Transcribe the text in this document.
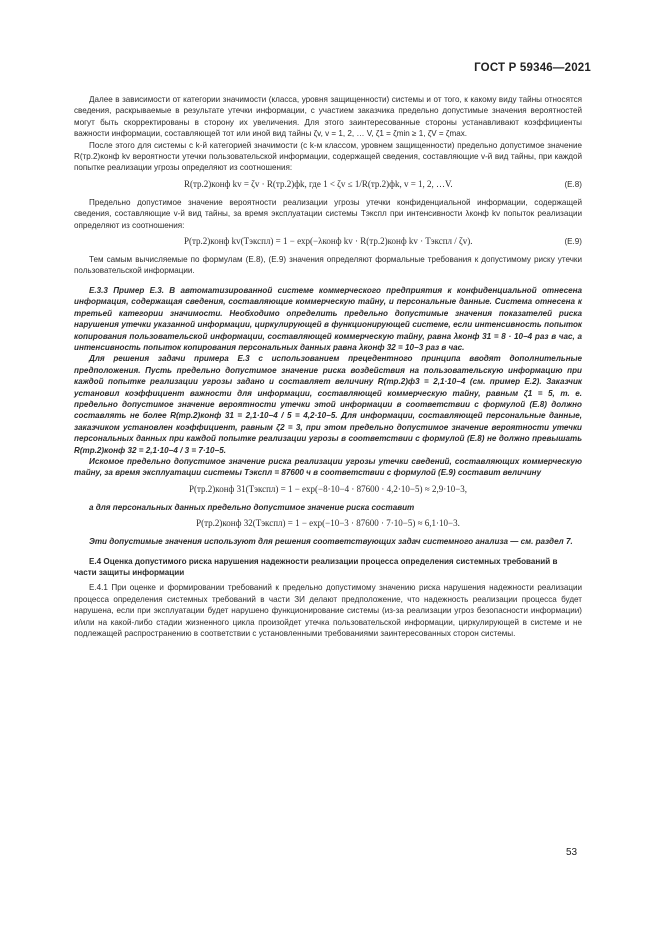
ГОСТ Р 59346—2021

Далее в зависимости от категории значимости (класса, уровня защищенности) системы и от того, к какому виду тайны относятся сведения, раскрываемые в результате утечки информации, с участием заказчика предельно допустимые значения вероятностей могут быть скорректированы в сторону их увеличения. Для этого заинтересованные стороны устанавливают коэффициенты важности информации, составляющей тот или иной вид тайны ζv, v = 1, 2, … V, ζ1 = ζmin ≥ 1, ζV = ζmax.

После этого для системы с k-й категорией значимости (с k-м классом, уровнем защищенности) предельно допустимое значение R(тр.2)конф kv вероятности утечки пользовательской информации, содержащей сведения, составляющие v-й вид тайны, при каждой попытке реализации угрозы определяют из соотношения:

R(тр.2)конф kv = ζv · R(тр.2)фk, где 1 < ζv ≤ 1/R(тр.2)фk, v = 1, 2, …V.	(Е.8)

Предельно допустимое значение вероятности реализации угрозы утечки конфиденциальной информации, содержащей сведения, составляющие v-й вид тайны, за время эксплуатации системы Tэкспл при интенсивности λконф kv попыток реализации определяют из соотношения:

P(тр.2)конф kv(Tэкспл) = 1 − exp(−λконф kv · R(тр.2)конф kv · Tэкспл / ζv).	(Е.9)

Тем самым вычисляемые по формулам (Е.8), (Е.9) значения определяют формальные требования к допустимому риску утечки пользовательской информации.

Е.3.3 Пример Е.3. В автоматизированной системе коммерческого предприятия к конфиденциальной отнесена информация, содержащая сведения, составляющие коммерческую тайну, и персональные данные. Система отнесена к третьей категории значимости. Необходимо определить предельно допустимые значения показателей риска нарушения утечки указанной информации, циркулирующей в функционирующей системе, если интенсивность попыток копирования пользовательской информации, составляющей коммерческую тайну, равна λконф 31 = 8 · 10−4 раз в час, а интенсивность попыток копирования персональных данных равна λконф 32 = 10−3 раз в час.

Для решения задачи примера Е.3 с использованием прецедентного принципа вводят дополнительные предположения. Пусть предельно допустимое значение риска воздействия на пользовательскую информацию при каждой попытке реализации угрозы задано и составляет величину R(тр.2)ф3 = 2,1·10−4 (см. пример Е.2). Заказчик установил коэффициент важности для информации, составляющей коммерческую тайну, равным ζ1 = 5, т. е. предельно допустимое значение вероятности утечки этой информации в соответствии с формулой (Е.8) должно составлять не более R(тр.2)конф 31 = 2,1·10−4 / 5 = 4,2·10−5. Для информации, составляющей персональные данные, заказчиком установлен коэффициент, равным ζ2 = 3, при этом предельно допустимое значение вероятности утечки персональных данных при каждой попытке реализации угрозы в соответствии с формулой (Е.8) не должно превышать R(тр.2)конф 32 = 2,1·10−4 / 3 = 7·10−5.

Искомое предельно допустимое значение риска реализации угрозы утечки сведений, составляющих коммерческую тайну, за время эксплуатации системы Tэкспл = 87600 ч в соответствии с формулой (Е.9) составит величину

P(тр.2)конф 31(Tэкспл) = 1 − exp(−8·10−4 · 87600 · 4,2·10−5) ≈ 2,9·10−3,

а для персональных данных предельно допустимое значение риска составит

P(тр.2)конф 32(Tэкспл) = 1 − exp(−10−3 · 87600 · 7·10−5) ≈ 6,1·10−3.

Эти допустимые значения используют для решения соответствующих задач системного анализа — см. раздел 7.

Е.4 Оценка допустимого риска нарушения надежности реализации процесса определения системных требований в части защиты информации

Е.4.1 При оценке и формировании требований к предельно допустимому значению риска нарушения надежности реализации процесса определения системных требований в части ЗИ делают предположение, что надежность реализации процесса будет нарушена, если при эксплуатации будет нарушено функционирование системы (из-за реализации угроз безопасности информации) и/или на какой-либо стадии жизненного цикла произойдет утечка пользовательской информации, циркулирующей в системе и не подлежащей распространению в соответствии с установленными требованиями заинтересованных сторон системы.

53
